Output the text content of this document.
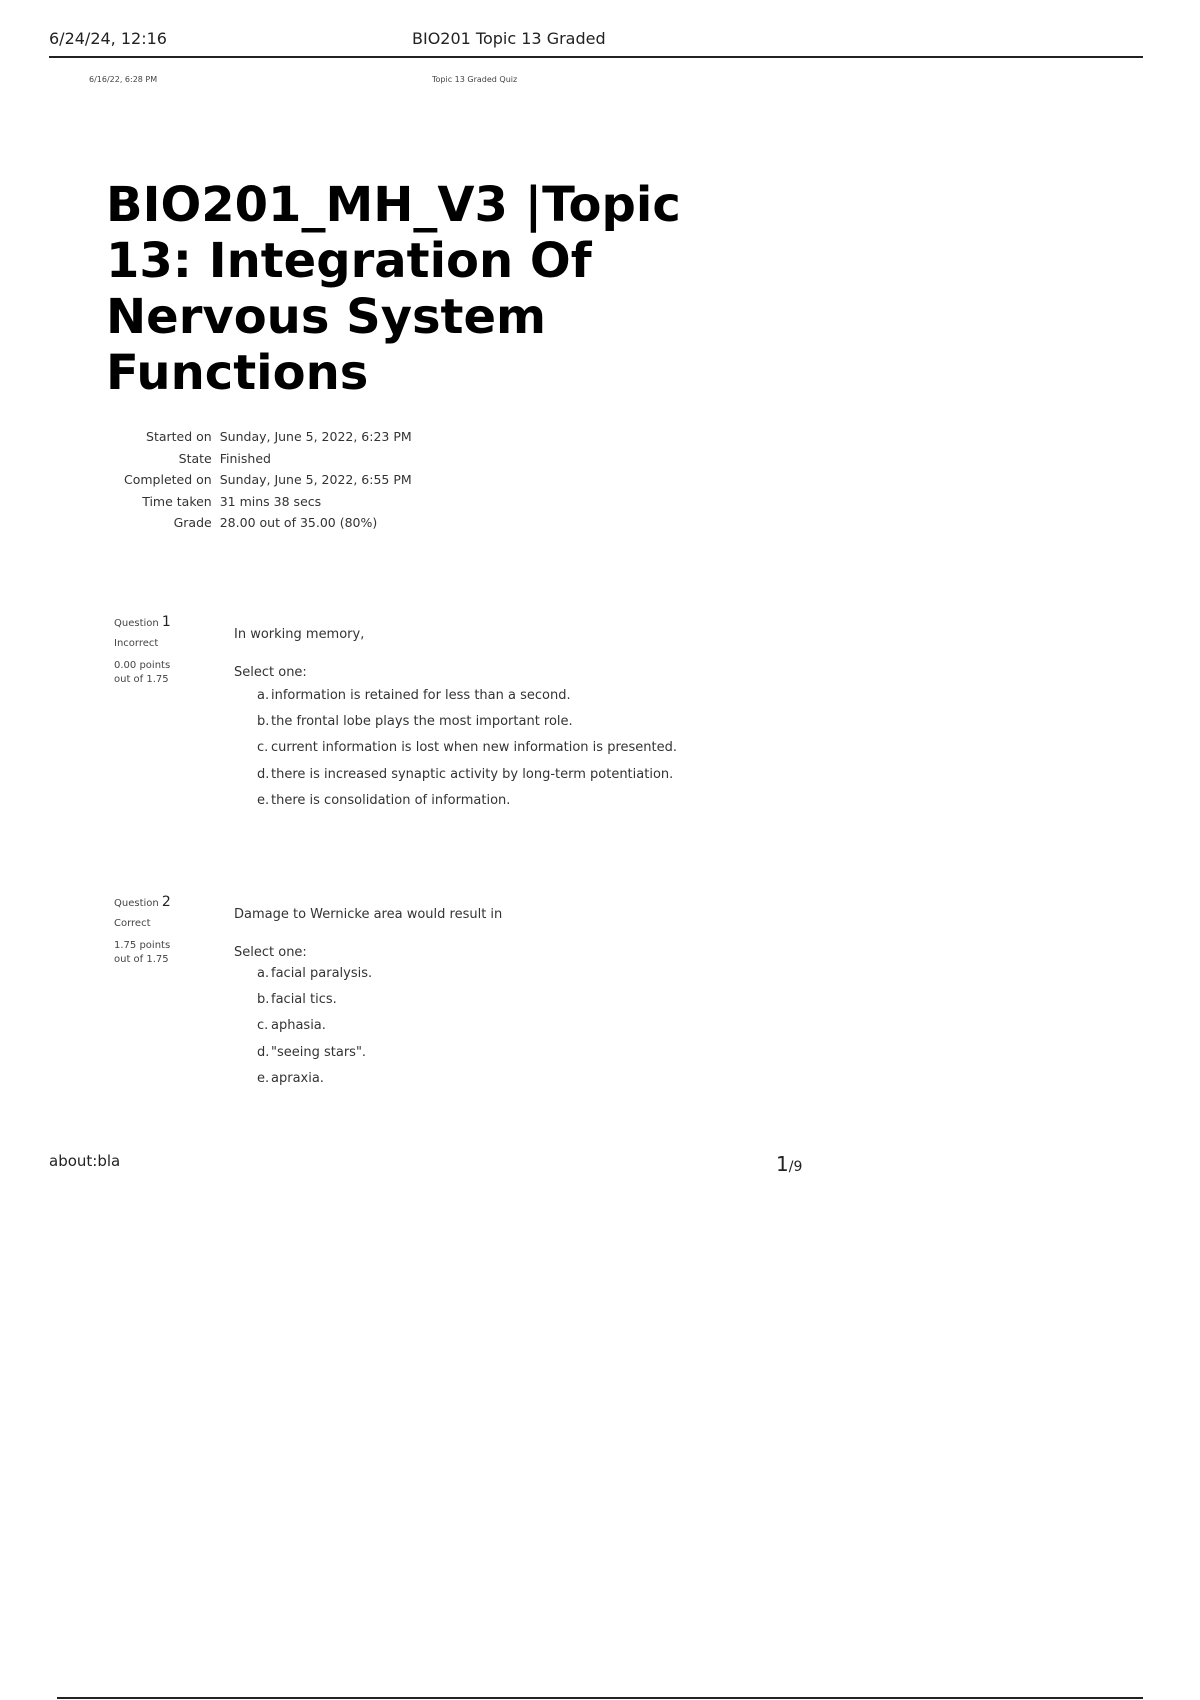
6/24/24, 12:16	BIO201 Topic 13 Graded
6/16/22, 6:28 PM	Topic 13 Graded Quiz
BIO201_MH_V3 |Topic 13: Integration Of Nervous System Functions
Started on	Sunday, June 5, 2022, 6:23 PM
State	Finished
Completed on	Sunday, June 5, 2022, 6:55 PM
Time taken	31 mins 38 secs
Grade	28.00 out of 35.00 (80%)
Question 1
Incorrect
0.00 points
out of 1.75
In working memory,
Select one:
a. information is retained for less than a second.
b. the frontal lobe plays the most important role.
c. current information is lost when new information is presented.
d. there is increased synaptic activity by long-term potentiation.
e. there is consolidation of information.
Question 2
Correct
1.75 points
out of 1.75
Damage to Wernicke area would result in
Select one:
a. facial paralysis.
b. facial tics.
c. aphasia.
d. "seeing stars".
e. apraxia.
about:bla	1/9
